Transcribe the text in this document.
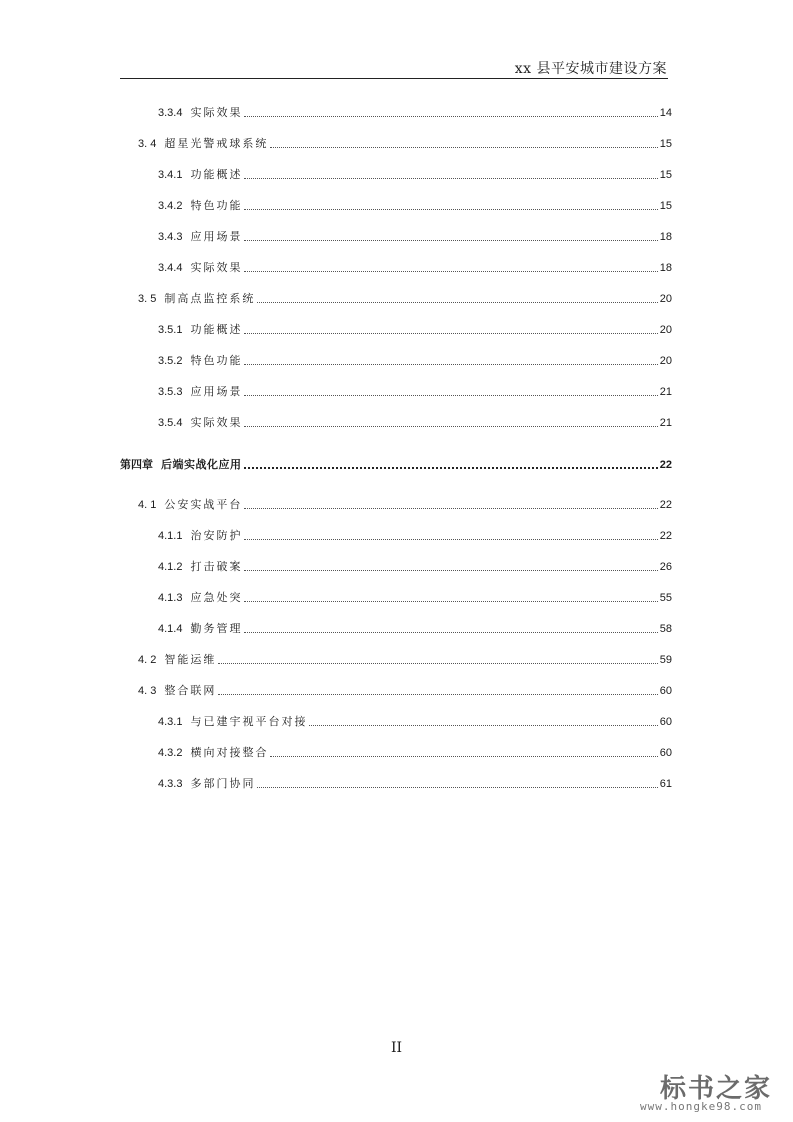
xx 县平安城市建设方案
3.3.4 实际效果	14
3. 4 超星光警戒球系统	15
3.4.1 功能概述	15
3.4.2 特色功能	15
3.4.3 应用场景	18
3.4.4 实际效果	18
3. 5 制高点监控系统	20
3.5.1 功能概述	20
3.5.2 特色功能	20
3.5.3 应用场景	21
3.5.4 实际效果	21
第四章 后端实战化应用	22
4. 1 公安实战平台	22
4.1.1 治安防护	22
4.1.2 打击破案	26
4.1.3 应急处突	55
4.1.4 勤务管理	58
4. 2 智能运维	59
4. 3 整合联网	60
4.3.1 与已建宇视平台对接	60
4.3.2 横向对接整合	60
4.3.3 多部门协同	61
II
标书之家
www.hongke98.com
